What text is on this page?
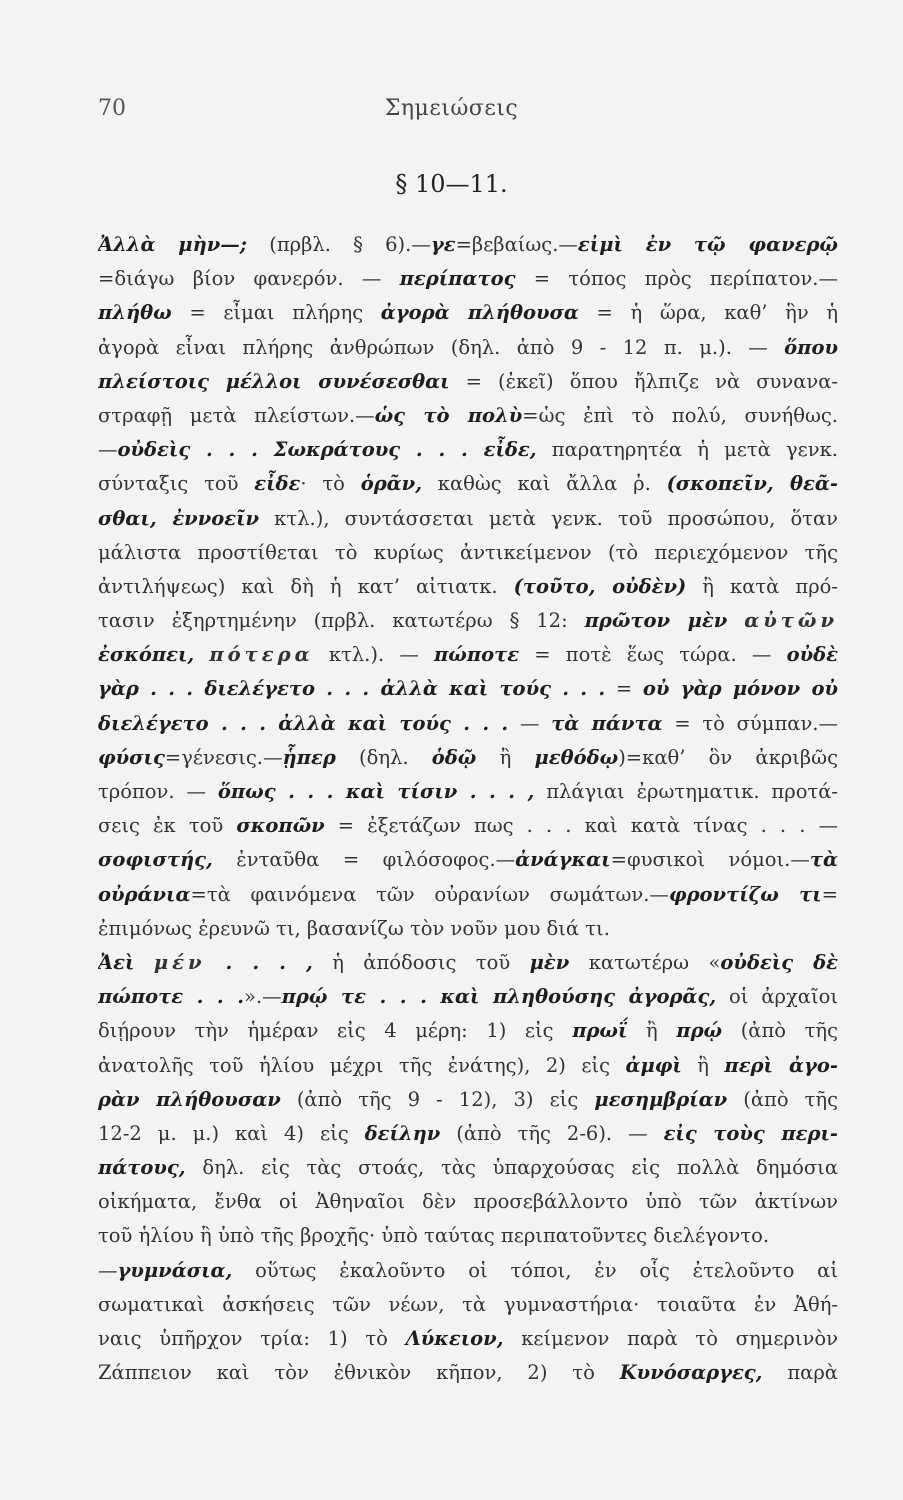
70	Σημειώσεις
§ 10—11.
Ἀλλὰ μὴν—; (πρβλ. § 6).—γε=βεβαίως.—εἰμὶ ἐν τῷ φανερῷ
=διάγω βίον φανερόν. — περίπατος = τόπος πρὸς περίπατον.—
πλήθω = εἶμαι πλήρης ἀγορὰ πλήθουσα = ἡ ὥρα, καθ’ ἣν ἡ
ἀγορὰ εἶναι πλήρης ἀνθρώπων (δηλ. ἀπὸ 9 - 12 π. μ.). — ὅπου
πλείστοις μέλλοι συνέσεσθαι = (ἐκεῖ) ὅπου ἤλπιζε νὰ συνανα-
στραφῇ μετὰ πλείστων.—ὡς τὸ πολὺ=ὡς ἐπὶ τὸ πολύ, συνήθως.
—οὐδεὶς . . . Σωκράτους . . . εἶδε, παρατηρητέα ἡ μετὰ γενκ.
σύνταξις τοῦ εἶδε· τὸ ὁρᾶν, καθὼς καὶ ἄλλα ῥ. (σκοπεῖν, θεᾶ-
σθαι, ἐννοεῖν κτλ.), συντάσσεται μετὰ γενκ. τοῦ προσώπου, ὅταν
μάλιστα προστίθεται τὸ κυρίως ἀντικείμενον (τὸ περιεχόμενον τῆς
ἀντιλήψεως) καὶ δὴ ἡ κατ’ αἰτιατκ. (τοῦτο, οὐδὲν) ἢ κατὰ πρό-
τασιν ἐξηρτημένην (πρβλ. κατωτέρω § 12: πρῶτον μὲν αὐτῶν
ἐσκόπει, πότερα κτλ.). — πώποτε = ποτὲ ἕως τώρα. — οὐδὲ
γὰρ . . . διελέγετο . . . ἀλλὰ καὶ τούς . . . = οὐ γὰρ μόνον οὐ
διελέγετο . . . ἀλλὰ καὶ τούς . . . — τὰ πάντα = τὸ σύμπαν.—
φύσις=γένεσις.—ᾗπερ (δηλ. ὁδῷ ἢ μεθόδῳ)=καθ’ ὃν ἀκριβῶς
τρόπον. — ὅπως . . . καὶ τίσιν . . . , πλάγιαι ἐρωτηματικ. προτά-
σεις ἐκ τοῦ σκοπῶν = ἐξετάζων πως . . . καὶ κατὰ τίνας . . . —
σοφιστής, ἐνταῦθα = φιλόσοφος.—ἀνάγκαι=φυσικοὶ νόμοι.—τὰ
οὐράνια=τὰ φαινόμενα τῶν οὐρανίων σωμάτων.—φροντίζω τι=
ἐπιμόνως ἐρευνῶ τι, βασανίζω τὸν νοῦν μου διά τι.
Ἀεὶ μέν . . . , ἡ ἀπόδοσις τοῦ μὲν κατωτέρω «οὐδεὶς δὲ
πώποτε . . .».—πρῴ τε . . . καὶ πληθούσης ἀγορᾶς, οἱ ἀρχαῖοι
διῄρουν τὴν ἡμέραν εἰς 4 μέρη: 1) εἰς πρωΐ ἢ πρῴ (ἀπὸ τῆς
ἀνατολῆς τοῦ ἡλίου μέχρι τῆς ἐνάτης), 2) εἰς ἀμφὶ ἢ περὶ ἀγο-
ρὰν πλήθουσαν (ἀπὸ τῆς 9 - 12), 3) εἰς μεσημβρίαν (ἀπὸ τῆς
12-2 μ. μ.) καὶ 4) εἰς δείλην (ἀπὸ τῆς 2-6). — εἰς τοὺς περι-
πάτους, δηλ. εἰς τὰς στοάς, τὰς ὑπαρχούσας εἰς πολλὰ δημόσια
οἰκήματα, ἔνθα οἱ Ἀθηναῖοι δὲν προσεβάλλοντο ὑπὸ τῶν ἀκτίνων
τοῦ ἡλίου ἢ ὑπὸ τῆς βροχῆς· ὑπὸ ταύτας περιπατοῦντες διελέγοντο.
—γυμνάσια, οὕτως ἐκαλοῦντο οἱ τόποι, ἐν οἷς ἐτελοῦντο αἱ
σωματικαὶ ἀσκήσεις τῶν νέων, τὰ γυμναστήρια· τοιαῦτα ἐν Ἀθή-
ναις ὑπῆρχον τρία: 1) τὸ Λύκειον, κείμενον παρὰ τὸ σημερινὸν
Ζάππειον καὶ τὸν ἐθνικὸν κῆπον, 2) τὸ Κυνόσαργες, παρὰ
